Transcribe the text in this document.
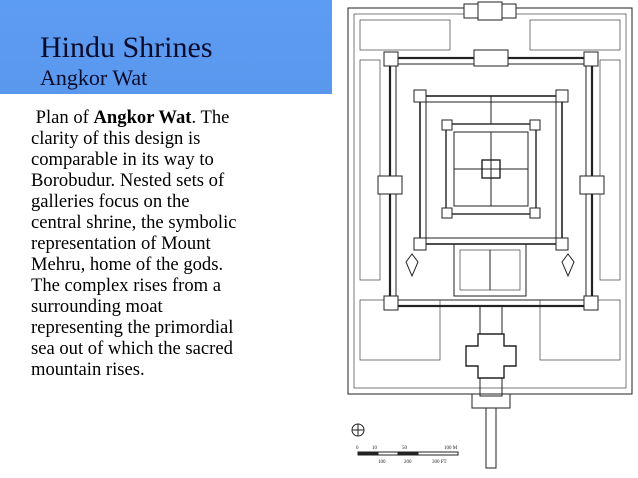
Hindu Shrines
Angkor Wat

Plan of Angkor Wat. The clarity of this design is comparable in its way to Borobudur. Nested sets of galleries focus on the central shrine, the symbolic representation of Mount Mehru, home of the gods. The complex rises from a surrounding moat representing the primordial sea out of which the sacred mountain rises.

0	10	50	100 M
100	200	300 FT
